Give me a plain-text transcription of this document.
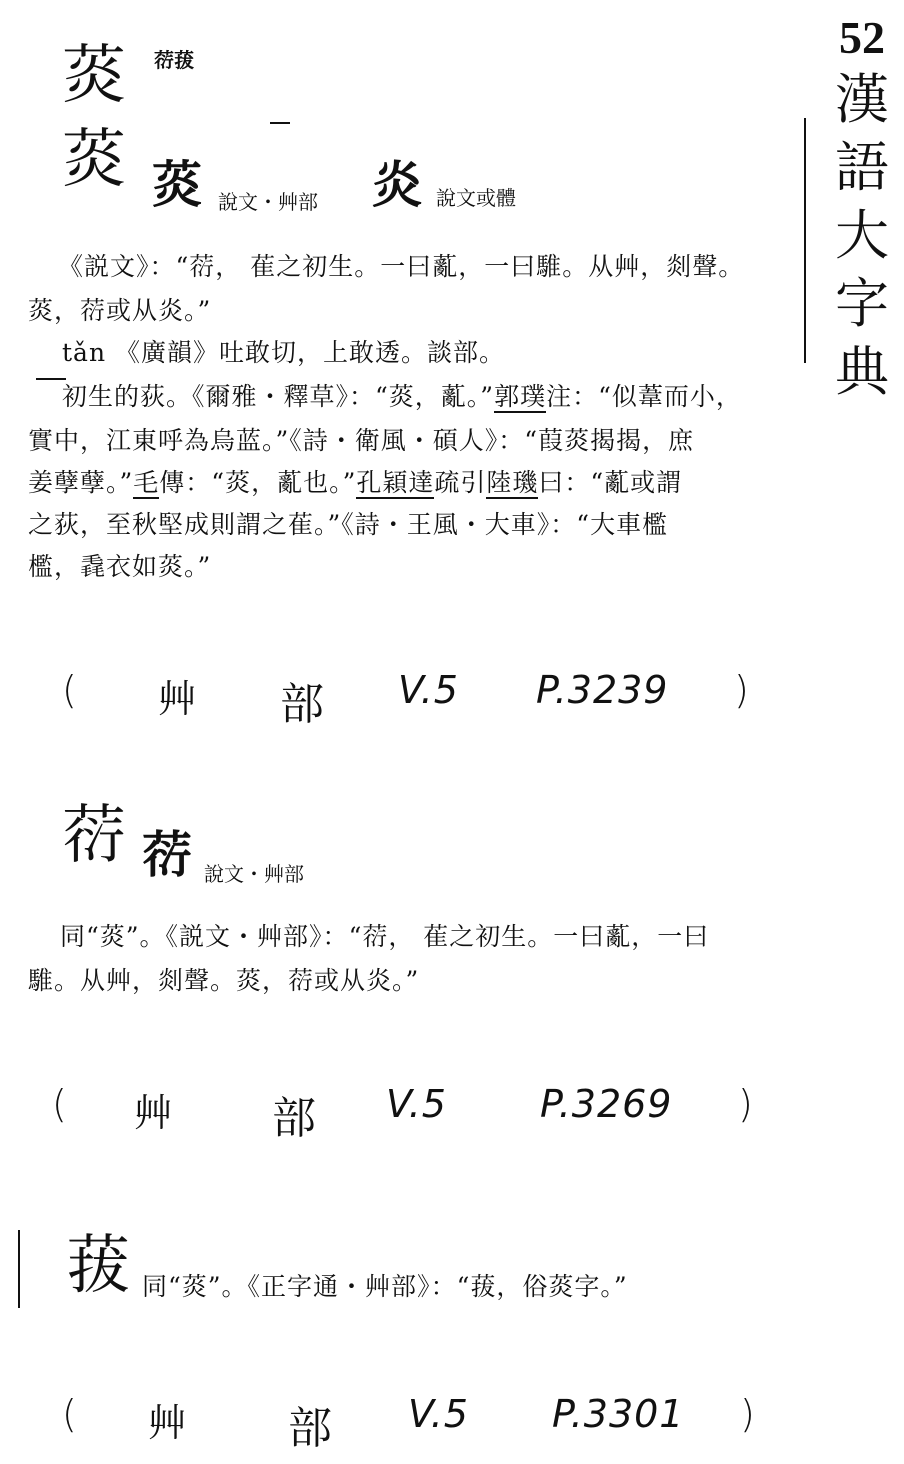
52
漢
語
大
字
典
菼 葕菝
菼 菼 說文・艸部 炎 說文或體
《説文》：“葕， 萑之初生。一曰薍，一曰騅。从艸，剡聲。
菼，葕或从炎。”
tǎn 《廣韻》吐敢切，上敢透。談部。
初生的荻。《爾雅・釋草》：“菼，薍。”郭璞注：“似葦而小，
實中，江東呼為烏蓝。”《詩・衛風・碩人》：“葭菼揭揭，庶
姜孽孽。”毛傳：“菼，薍也。”孔穎達疏引陸璣曰：“薍或謂
之荻，至秋堅成則謂之萑。”《詩・王風・大車》：“大車檻
檻，毳衣如菼。”
( 艸 部 V.5 P.3239 )
葕 葕 說文・艸部
同“菼”。《説文・艸部》：“葕， 萑之初生。一曰薍，一曰
騅。从艸，剡聲。菼，葕或从炎。”
( 艸 部 V.5 P.3269 )
菝 同“菼”。《正字通・艸部》：“菝，俗菼字。”
( 艸 部 V.5 P.3301 )
